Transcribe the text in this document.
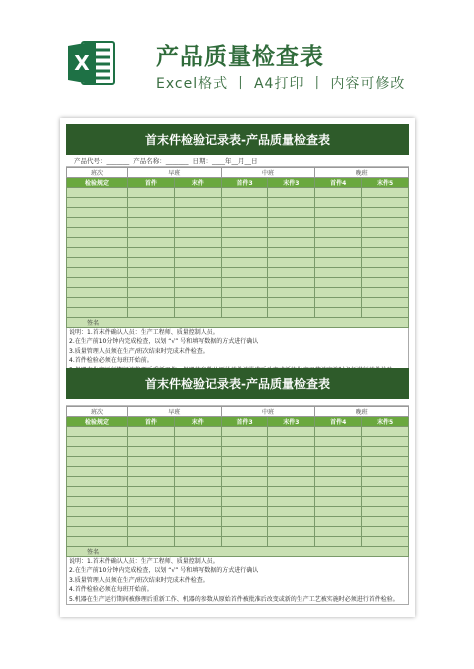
X	产品质量检查表
Excel格式 丨 A4打印 丨 内容可修改
首末件检验记录表-产品质量检查表
产品代号： _______ 产品名称： _______ 日期： ____年 __月 __日
班次	早班		中班		晚班	
检验规定	首件	末件	首件3	末件3	首件4	末件5

签名						
说明：1.首末件确认人员：生产工程师、质量控制人员。
2.在生产前10分钟内完成检查，以划 “√” 号和填写数据的方式进行确认
3.质量管理人员须在生产/班次结束时完成末件检查。
4.首件检验必须在每班开始前。
首末件检验记录表-产品质量检查表
班次	早班		中班		晚班	
检验规定	首件	末件	首件3	末件3	首件4	末件5

签名						
说明：1.首末件确认人员：生产工程师、质量控制人员。
2.在生产前10分钟内完成检查，以划 “√” 号和填写数据的方式进行确认
3.质量管理人员须在生产/班次结束时完成末件检查。
4.首件检验必须在每班开始前。
5.机器在生产运行期间被修理后重新工作、机器的参数从原始首件被批准后改变或新的生产工艺被实施时必须进行首件检验。
